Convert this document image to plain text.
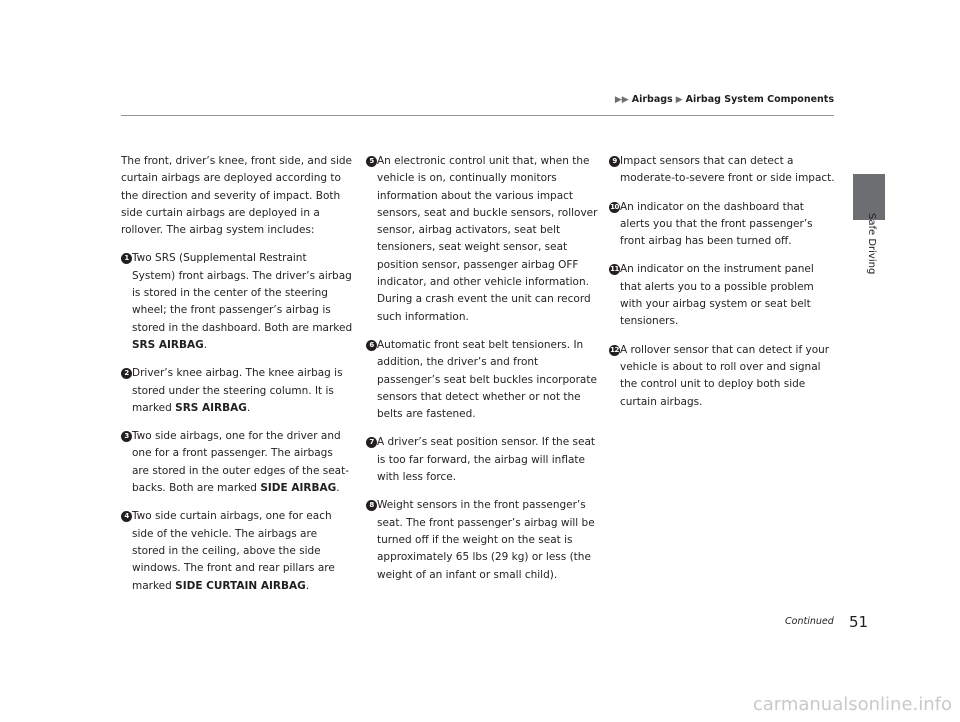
▶▶ Airbags ▶ Airbag System Components
Safe Driving

The front, driver’s knee, front side, and side curtain airbags are deployed according to the direction and severity of impact. Both side curtain airbags are deployed in a rollover. The airbag system includes:

1 Two SRS (Supplemental Restraint System) front airbags. The driver’s airbag is stored in the center of the steering wheel; the front passenger’s airbag is stored in the dashboard. Both are marked SRS AIRBAG.
2 Driver’s knee airbag. The knee airbag is stored under the steering column. It is marked SRS AIRBAG.
3 Two side airbags, one for the driver and one for a front passenger. The airbags are stored in the outer edges of the seat-backs. Both are marked SIDE AIRBAG.
4 Two side curtain airbags, one for each side of the vehicle. The airbags are stored in the ceiling, above the side windows. The front and rear pillars are marked SIDE CURTAIN AIRBAG.
5 An electronic control unit that, when the vehicle is on, continually monitors information about the various impact sensors, seat and buckle sensors, rollover sensor, airbag activators, seat belt tensioners, seat weight sensor, seat position sensor, passenger airbag OFF indicator, and other vehicle information. During a crash event the unit can record such information.
6 Automatic front seat belt tensioners. In addition, the driver’s and front passenger’s seat belt buckles incorporate sensors that detect whether or not the belts are fastened.
7 A driver’s seat position sensor. If the seat is too far forward, the airbag will inflate with less force.
8 Weight sensors in the front passenger’s seat. The front passenger’s airbag will be turned off if the weight on the seat is approximately 65 lbs (29 kg) or less (the weight of an infant or small child).
9 Impact sensors that can detect a moderate-to-severe front or side impact.
10 An indicator on the dashboard that alerts you that the front passenger’s front airbag has been turned off.
11 An indicator on the instrument panel that alerts you to a possible problem with your airbag system or seat belt tensioners.
12 A rollover sensor that can detect if your vehicle is about to roll over and signal the control unit to deploy both side curtain airbags.
Continued 51
carmanualsonline.info
